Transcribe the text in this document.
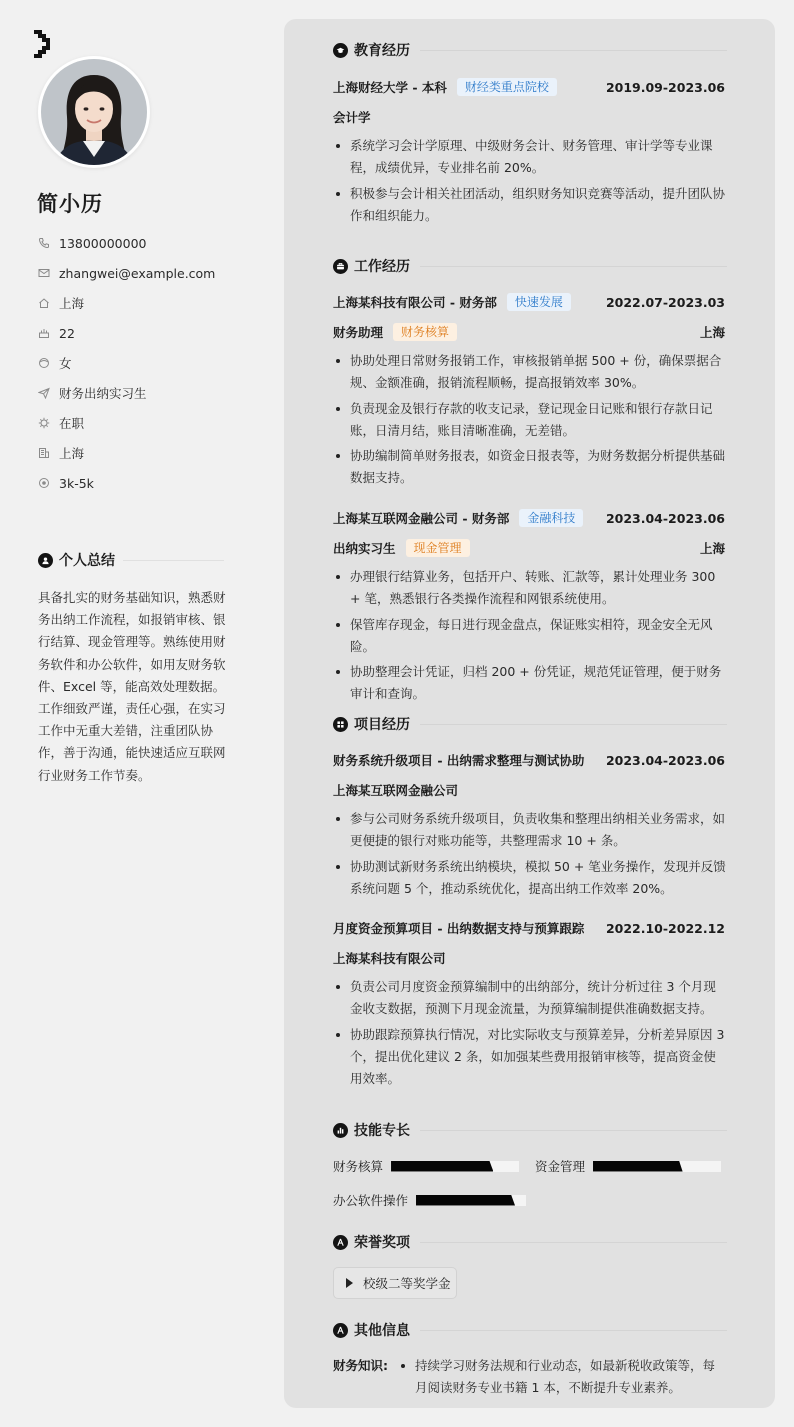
简小历
13800000000
zhangwei@example.com
上海
22
女
财务出纳实习生
在职
上海
3k-5k
个人总结
具备扎实的财务基础知识，熟悉财务出纳工作流程，如报销审核、银行结算、现金管理等。熟练使用财务软件和办公软件，如用友财务软件、Excel 等，能高效处理数据。工作细致严谨，责任心强，在实习工作中无重大差错，注重团队协作，善于沟通，能快速适应互联网行业财务工作节奏。
教育经历
上海财经大学 - 本科	财经类重点院校	2019.09-2023.06
会计学
系统学习会计学原理、中级财务会计、财务管理、审计学等专业课程，成绩优异，专业排名前 20%。
积极参与会计相关社团活动，组织财务知识竞赛等活动，提升团队协作和组织能力。
工作经历
上海某科技有限公司 - 财务部	快速发展	2022.07-2023.03
财务助理	财务核算	上海
协助处理日常财务报销工作，审核报销单据 500 + 份，确保票据合规、金额准确，报销流程顺畅，提高报销效率 30%。
负责现金及银行存款的收支记录，登记现金日记账和银行存款日记账，日清月结，账目清晰准确，无差错。
协助编制简单财务报表，如资金日报表等，为财务数据分析提供基础数据支持。
上海某互联网金融公司 - 财务部	金融科技	2023.04-2023.06
出纳实习生	现金管理	上海
办理银行结算业务，包括开户、转账、汇款等，累计处理业务 300 + 笔，熟悉银行各类操作流程和网银系统使用。
保管库存现金，每日进行现金盘点，保证账实相符，现金安全无风险。
协助整理会计凭证，归档 200 + 份凭证，规范凭证管理，便于财务审计和查询。
项目经历
财务系统升级项目 - 出纳需求整理与测试协助 2023.04-2023.06
上海某互联网金融公司
参与公司财务系统升级项目，负责收集和整理出纳相关业务需求，如更便捷的银行对账功能等，共整理需求 10 + 条。
协助测试新财务系统出纳模块，模拟 50 + 笔业务操作，发现并反馈系统问题 5 个，推动系统优化，提高出纳工作效率 20%。
月度资金预算项目 - 出纳数据支持与预算跟踪 2022.10-2022.12
上海某科技有限公司
负责公司月度资金预算编制中的出纳部分，统计分析过往 3 个月现金收支数据，预测下月现金流量，为预算编制提供准确数据支持。
协助跟踪预算执行情况，对比实际收支与预算差异，分析差异原因 3 个，提出优化建议 2 条，如加强某些费用报销审核等，提高资金使用效率。
技能专长
财务核算	资金管理
办公软件操作
荣誉奖项
校级二等奖学金
其他信息
财务知识:	持续学习财务法规和行业动态，如最新税收政策等，每月阅读财务专业书籍 1 本，不断提升专业素养。
